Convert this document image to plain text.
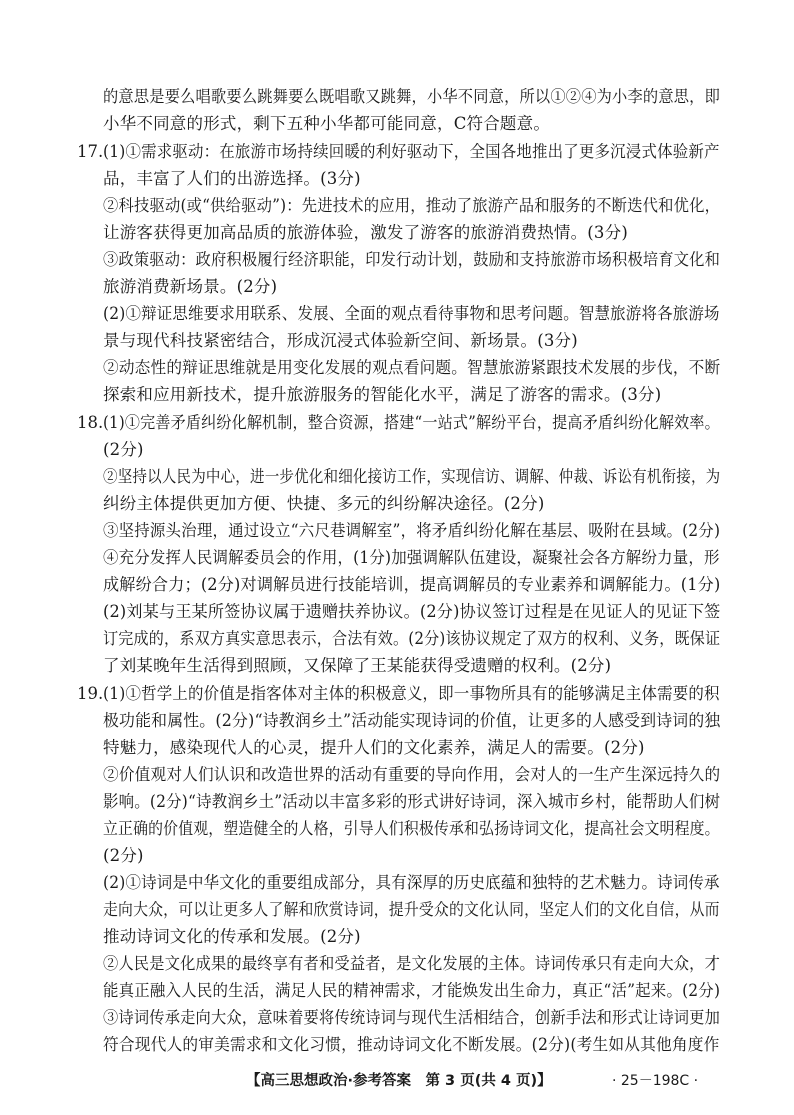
的意思是要么唱歌要么跳舞要么既唱歌又跳舞，小华不同意，所以①②④为小李的意思，即
小华不同意的形式，剩下五种小华都可能同意，C符合题意。
17. (1)①需求驱动：在旅游市场持续回暖的利好驱动下，全国各地推出了更多沉浸式体验新产
品，丰富了人们的出游选择。(3分)
②科技驱动(或“供给驱动”)：先进技术的应用，推动了旅游产品和服务的不断迭代和优化，
让游客获得更加高品质的旅游体验，激发了游客的旅游消费热情。(3分)
③政策驱动：政府积极履行经济职能，印发行动计划，鼓励和支持旅游市场积极培育文化和
旅游消费新场景。(2分)
(2)①辩证思维要求用联系、发展、全面的观点看待事物和思考问题。智慧旅游将各旅游场
景与现代科技紧密结合，形成沉浸式体验新空间、新场景。(3分)
②动态性的辩证思维就是用变化发展的观点看问题。智慧旅游紧跟技术发展的步伐，不断
探索和应用新技术，提升旅游服务的智能化水平，满足了游客的需求。(3分)
18. (1)①完善矛盾纠纷化解机制，整合资源，搭建“一站式”解纷平台，提高矛盾纠纷化解效率。
(2分)
②坚持以人民为中心，进一步优化和细化接访工作，实现信访、调解、仲裁、诉讼有机衔接，为
纠纷主体提供更加方便、快捷、多元的纠纷解决途径。(2分)
③坚持源头治理，通过设立“六尺巷调解室”，将矛盾纠纷化解在基层、吸附在县域。(2分)
④充分发挥人民调解委员会的作用，(1分)加强调解队伍建设，凝聚社会各方解纷力量，形
成解纷合力；(2分)对调解员进行技能培训，提高调解员的专业素养和调解能力。(1分)
(2)刘某与王某所签协议属于遗赠扶养协议。(2分)协议签订过程是在见证人的见证下签
订完成的，系双方真实意思表示，合法有效。(2分)该协议规定了双方的权利、义务，既保证
了刘某晚年生活得到照顾，又保障了王某能获得受遗赠的权利。(2分)
19. (1)①哲学上的价值是指客体对主体的积极意义，即一事物所具有的能够满足主体需要的积
极功能和属性。(2分)“诗教润乡土”活动能实现诗词的价值，让更多的人感受到诗词的独
特魅力，感染现代人的心灵，提升人们的文化素养，满足人的需要。(2分)
②价值观对人们认识和改造世界的活动有重要的导向作用，会对人的一生产生深远持久的
影响。(2分)“诗教润乡土”活动以丰富多彩的形式讲好诗词，深入城市乡村，能帮助人们树
立正确的价值观，塑造健全的人格，引导人们积极传承和弘扬诗词文化，提高社会文明程度。
(2分)
(2)①诗词是中华文化的重要组成部分，具有深厚的历史底蕴和独特的艺术魅力。诗词传承
走向大众，可以让更多人了解和欣赏诗词，提升受众的文化认同，坚定人们的文化自信，从而
推动诗词文化的传承和发展。(2分)
②人民是文化成果的最终享有者和受益者，是文化发展的主体。诗词传承只有走向大众，才
能真正融入人民的生活，满足人民的精神需求，才能焕发出生命力，真正“活”起来。(2分)
③诗词传承走向大众，意味着要将传统诗词与现代生活相结合，创新手法和形式让诗词更加
符合现代人的审美需求和文化习惯，推动诗词文化不断发展。(2分)(考生如从其他角度作
【高三思想政治·参考答案　第 3 页(共 4 页)】	· 25－198C ·
